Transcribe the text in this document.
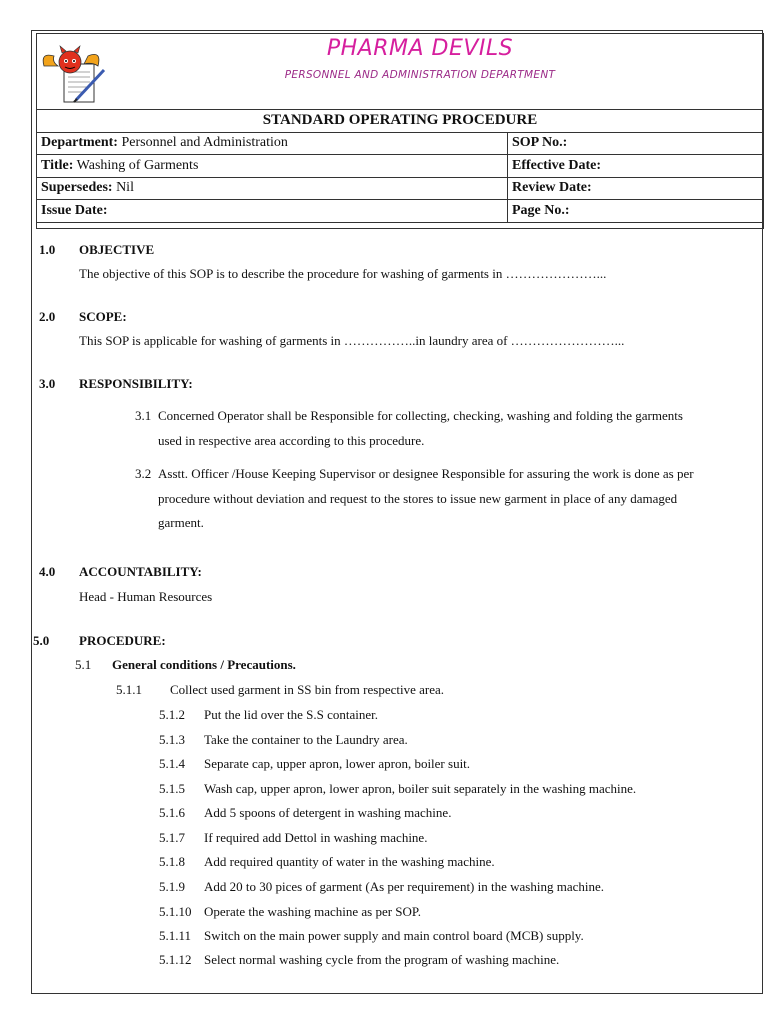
PHARMA DEVILS
PERSONNEL AND ADMINISTRATION DEPARTMENT
STANDARD OPERATING PROCEDURE	
Department: Personnel and Administration	SOP No.:
Title: Washing of Garments	Effective Date:
Supersedes: Nil	Review Date:
Issue Date:	Page No.:
1.0 OBJECTIVE
The objective of this SOP is to describe the procedure for washing of garments in …………………...
2.0 SCOPE:
This SOP is applicable for washing of garments in ……………..in laundry area of ……………………...
3.0 RESPONSIBILITY:
3.1 Concerned Operator shall be Responsible for collecting, checking, washing and folding the garments
used in respective area according to this procedure.
3.2 Asstt. Officer /House Keeping Supervisor or designee Responsible for assuring the work is done as per
procedure without deviation and request to the stores to issue new garment in place of any damaged
garment.
4.0 ACCOUNTABILITY:
Head - Human Resources
5.0 PROCEDURE:
5.1 General conditions / Precautions.
5.1.1 Collect used garment in SS bin from respective area.
5.1.2 Put the lid over the S.S container.
5.1.3 Take the container to the Laundry area.
5.1.4 Separate cap, upper apron, lower apron, boiler suit.
5.1.5 Wash cap, upper apron, lower apron, boiler suit separately in the washing machine.
5.1.6 Add 5 spoons of detergent in washing machine.
5.1.7 If required add Dettol in washing machine.
5.1.8 Add required quantity of water in the washing machine.
5.1.9 Add 20 to 30 pices of garment (As per requirement) in the washing machine.
5.1.10 Operate the washing machine as per SOP.
5.1.11 Switch on the main power supply and main control board (MCB) supply.
5.1.12 Select normal washing cycle from the program of washing machine.
